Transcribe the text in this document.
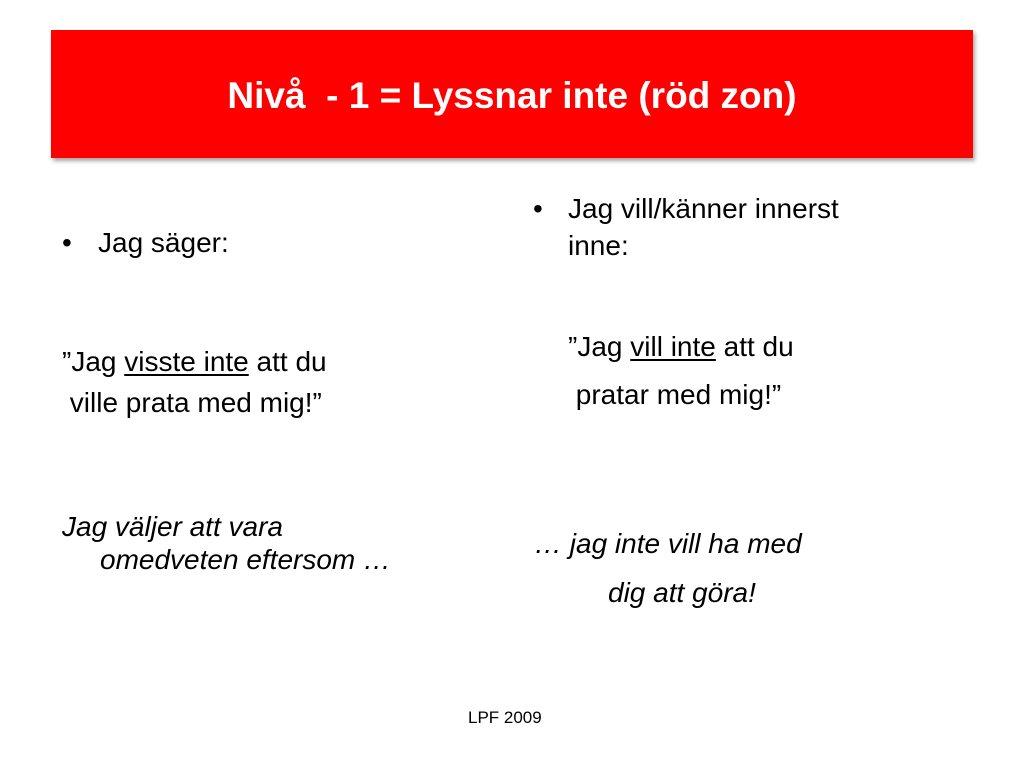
Nivå  - 1 = Lyssnar inte (röd zon)
• Jag säger:
”Jag visste inte att du
ville prata med mig!”
Jag väljer att vara
omedveten eftersom …
• Jag vill/känner innerst
inne:
”Jag vill inte att du
pratar med mig!”
… jag inte vill ha med
dig att göra!
LPF 2009
